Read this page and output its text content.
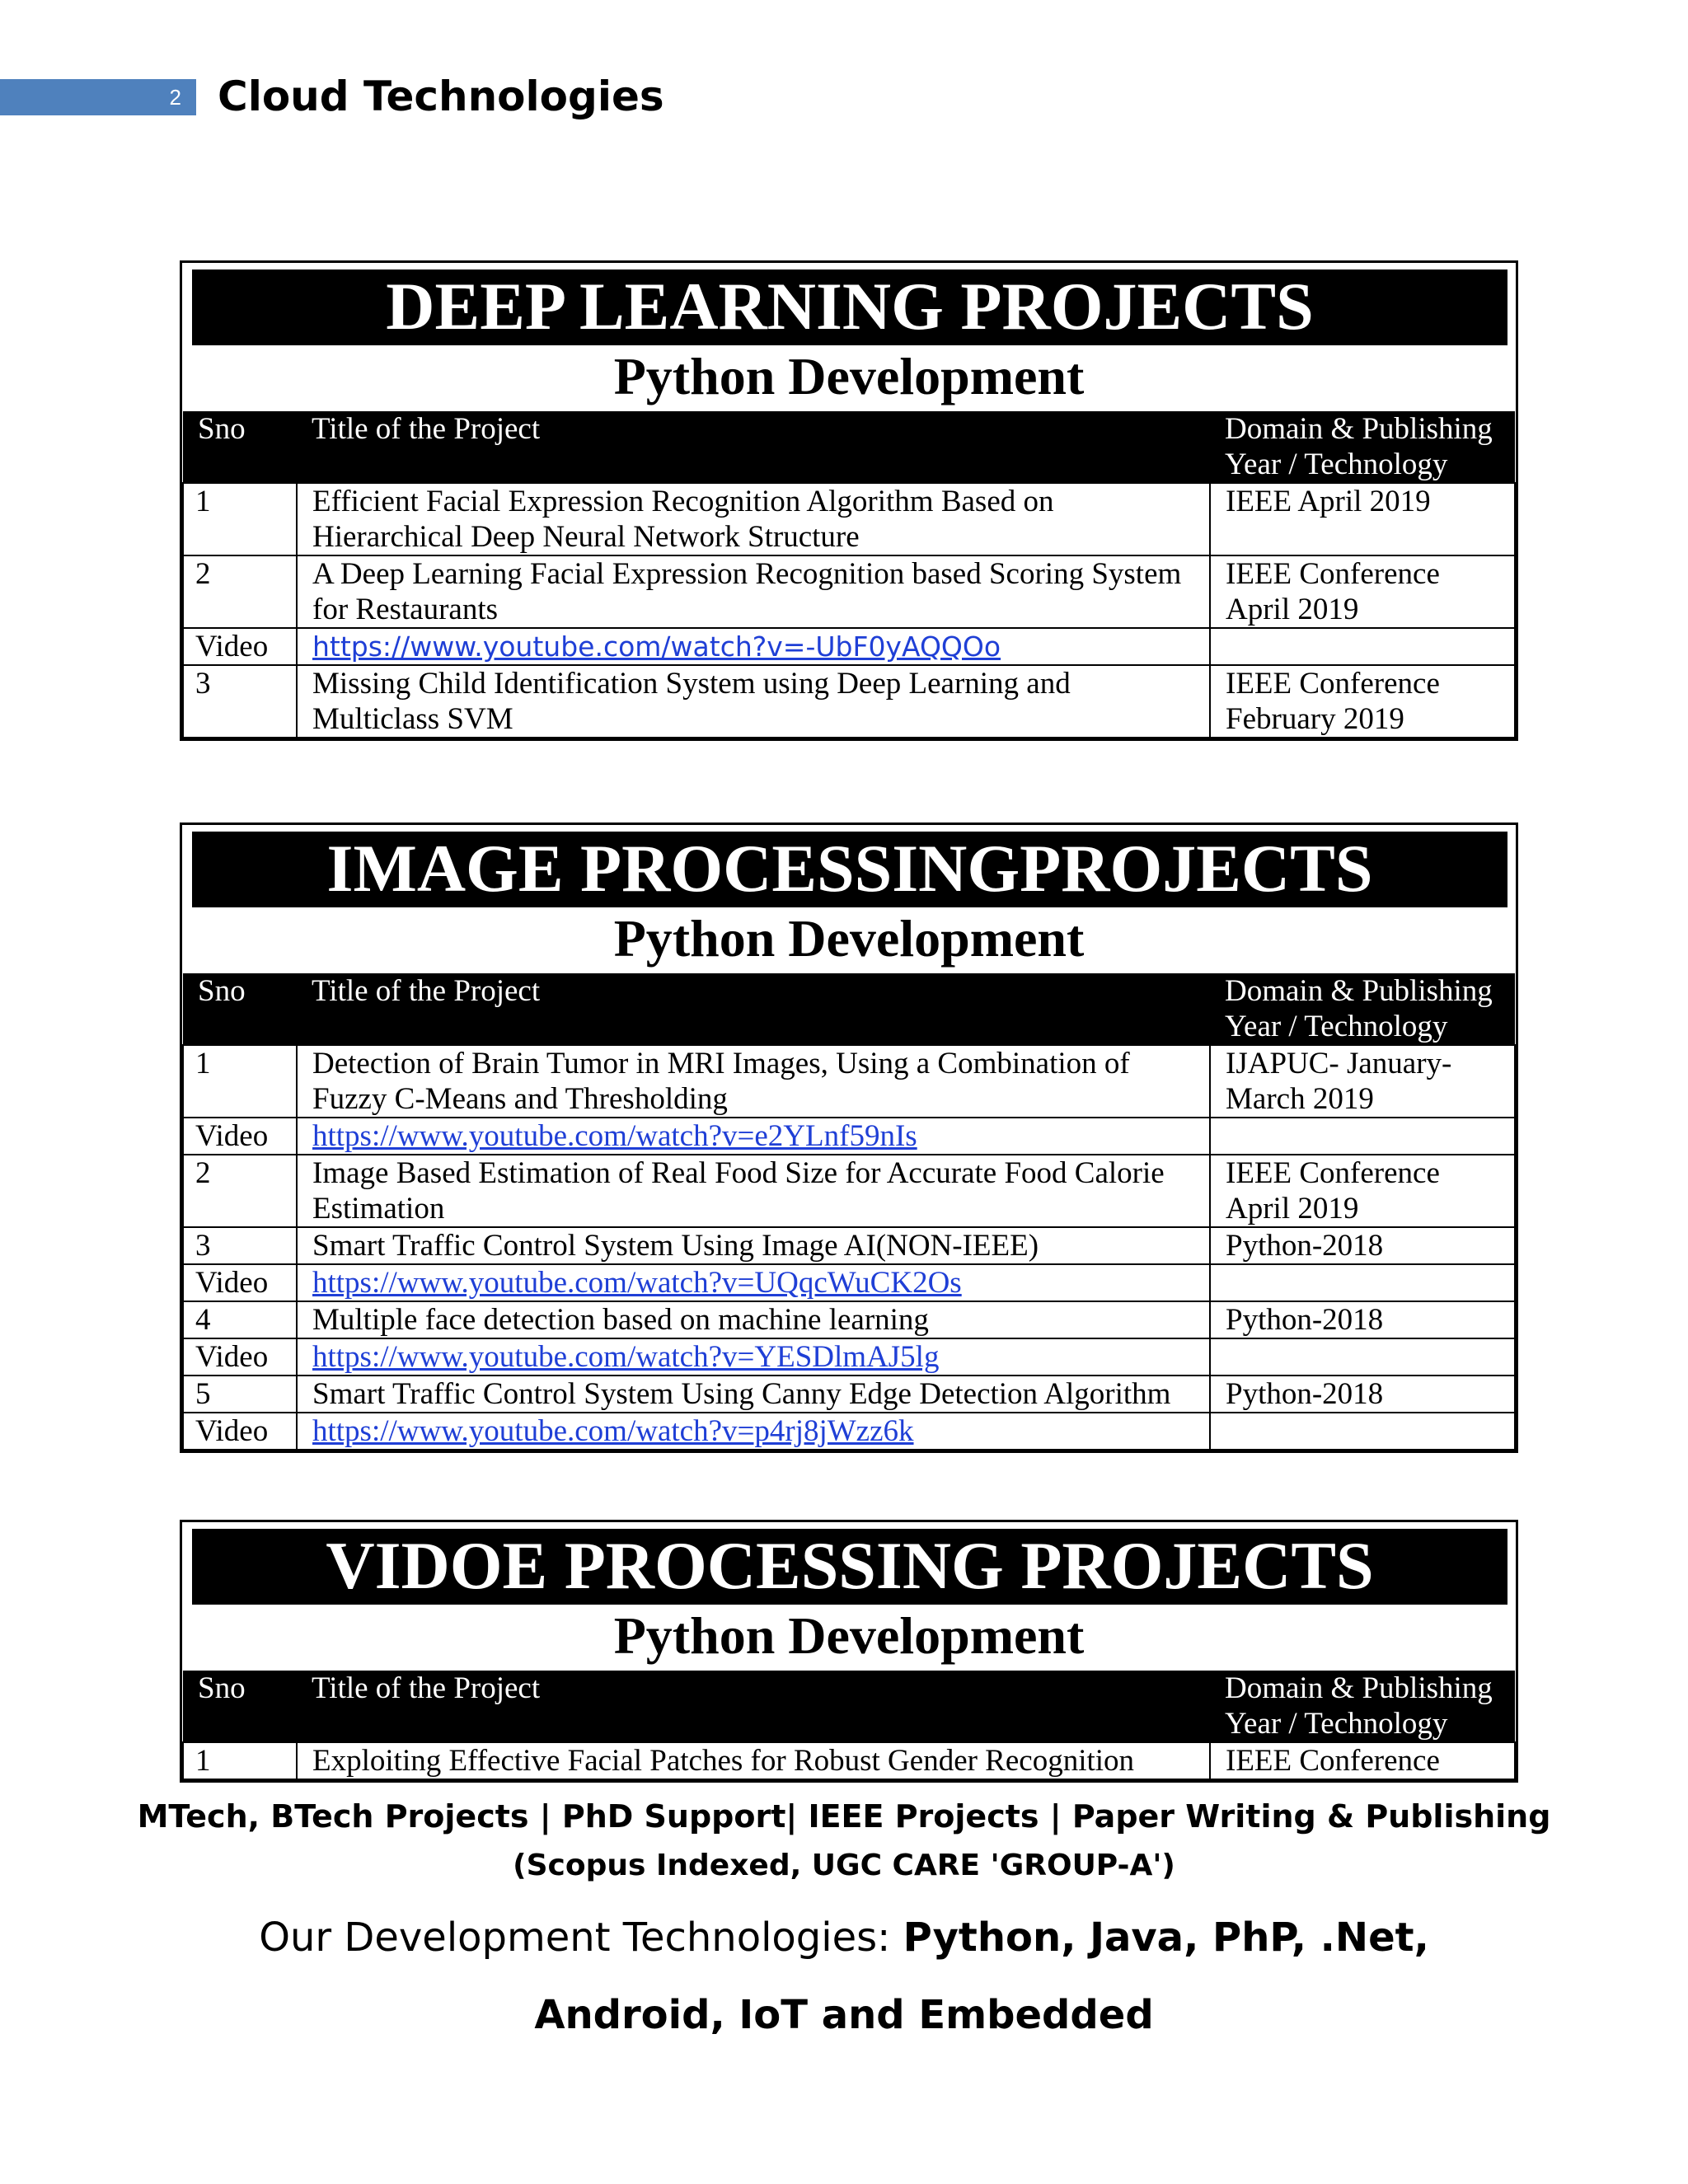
2 Cloud Technologies
DEEP LEARNING PROJECTS
Python Development
Sno	Title of the Project	Domain & Publishing Year / Technology
1	Efficient Facial Expression Recognition Algorithm Based on Hierarchical Deep Neural Network Structure	IEEE April 2019
2	A Deep Learning Facial Expression Recognition based Scoring System for Restaurants	IEEE Conference April 2019
Video	https://www.youtube.com/watch?v=-UbF0yAQQOo	
3	Missing Child Identification System using Deep Learning and Multiclass SVM	IEEE Conference February 2019
IMAGE PROCESSINGPROJECTS
Python Development
Sno	Title of the Project	Domain & Publishing Year / Technology
1	Detection of Brain Tumor in MRI Images, Using a Combination of Fuzzy C-Means and Thresholding	IJAPUC- January-March 2019
Video	https://www.youtube.com/watch?v=e2YLnf59nIs	
2	Image Based Estimation of Real Food Size for Accurate Food Calorie Estimation	IEEE Conference April 2019
3	Smart Traffic Control System Using Image AI(NON-IEEE)	Python-2018
Video	https://www.youtube.com/watch?v=UQqcWuCK2Os	
4	Multiple face detection based on machine learning	Python-2018
Video	https://www.youtube.com/watch?v=YESDlmAJ5lg	
5	Smart Traffic Control System Using Canny Edge Detection Algorithm	Python-2018
Video	https://www.youtube.com/watch?v=p4rj8jWzz6k	
VIDOE PROCESSING PROJECTS
Python Development
Sno	Title of the Project	Domain & Publishing Year / Technology
1	Exploiting Effective Facial Patches for Robust Gender Recognition	IEEE Conference
MTech, BTech Projects | PhD Support| IEEE Projects | Paper Writing & Publishing
(Scopus Indexed, UGC CARE 'GROUP-A')
Our Development Technologies: Python, Java, PhP, .Net,
Android, IoT and Embedded
